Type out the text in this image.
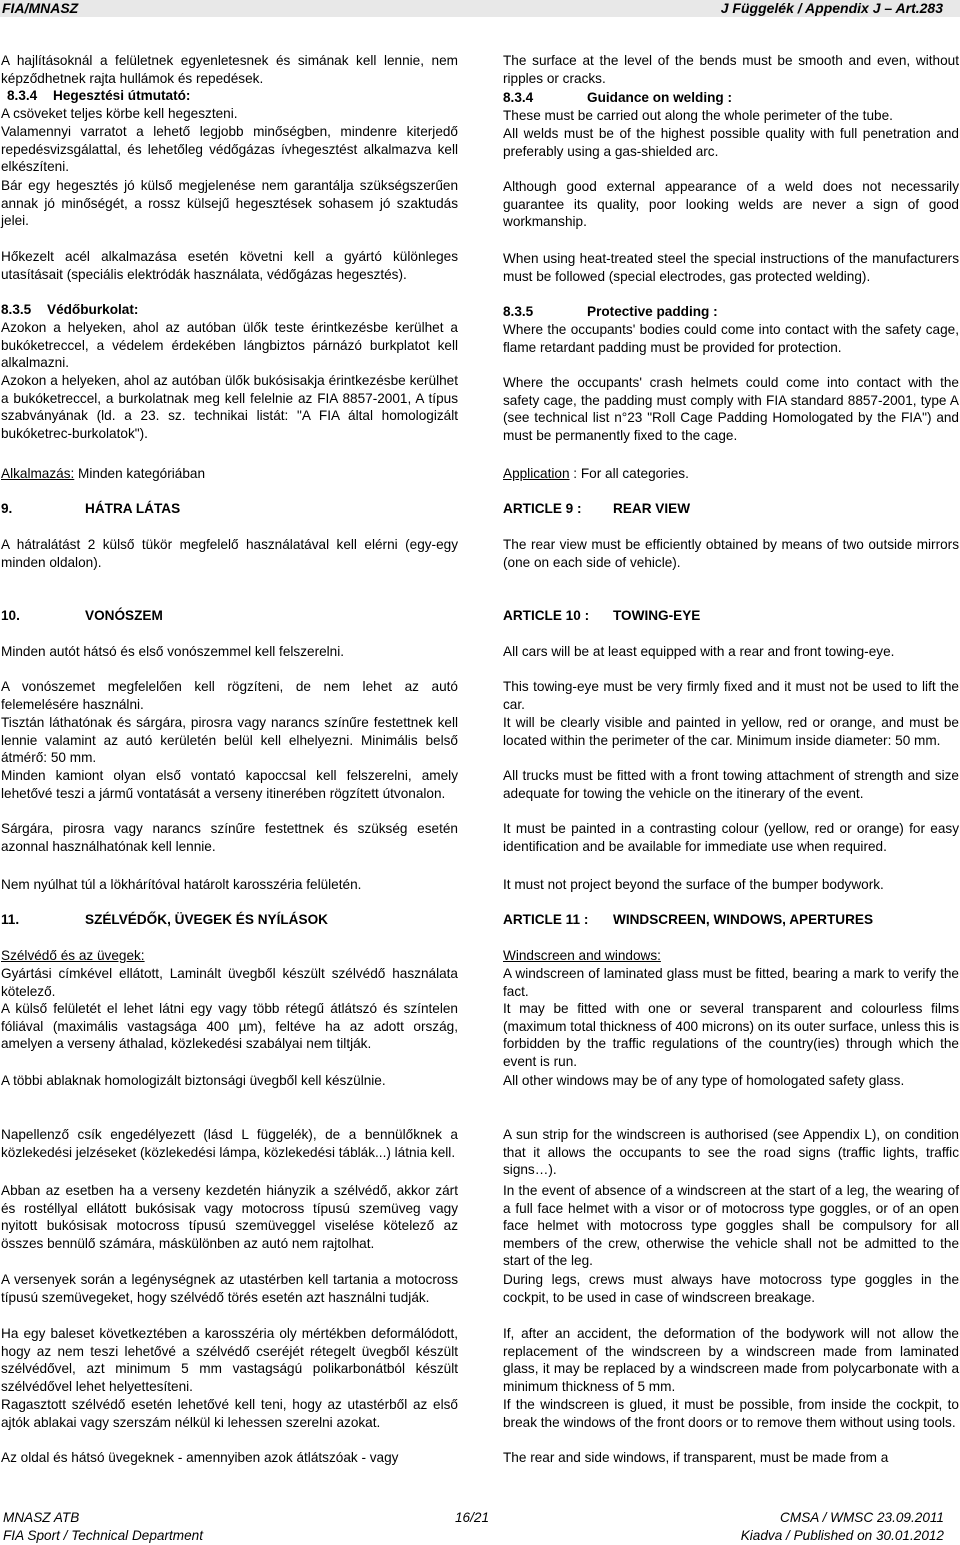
FIA/MNASZ	J Függelék / Appendix J – Art.283

A hajlításoknál a felületnek egyenletesnek és simának kell lennie, nem képződhetnek rajta hullámok és repedések.

8.3.4 Hegesztési útmutató:

A csöveket teljes körbe kell hegeszteni.

Valamennyi varratot a lehető legjobb minőségben, mindenre kiterjedő repedésvizsgálattal, és lehetőleg védőgázas ívhegesztést alkalmazva kell elkészíteni.

Bár egy hegesztés jó külső megjelenése nem garantálja szükségszerűen annak jó minőségét, a rossz külsejű hegesztések sohasem jó szaktudás jelei.

Hőkezelt acél alkalmazása esetén követni kell a gyártó különleges utasításait (speciális elektródák használata, védőgázas hegesztés).

8.3.5 Védőburkolat:

Azokon a helyeken, ahol az autóban ülők teste érintkezésbe kerülhet a bukóketreccel, a védelem érdekében lángbiztos párnázó burkplatot kell alkalmazni.

Azokon a helyeken, ahol az autóban ülők bukósisakja érintkezésbe kerülhet a bukóketreccel, a burkolatnak meg kell felelnie az FIA 8857-2001, A típus szabványának (ld. a 23. sz. technikai listát: "A FIA által homologizált bukóketrec-burkolatok").

Alkalmazás: Minden kategóriában

9.	HÁTRA LÁTAS

A hátralátást 2 külső tükör megfelelő használatával kell elérni (egy-egy minden oldalon).

10.	VONÓSZEM

Minden autót hátsó és első vonószemmel kell felszerelni.

A vonószemet megfelelően kell rögzíteni, de nem lehet az autó felemelésére használni.

Tisztán láthatónak és sárgára, pirosra vagy narancs színűre festettnek kell lennie valamint az autó kerületén belül kell elhelyezni. Minimális belső átmérő: 50 mm.

Minden kamiont olyan első vontató kapoccsal kell felszerelni, amely lehetővé teszi a jármű vontatását a verseny itinerében rögzített útvonalon.

Sárgára, pirosra vagy narancs színűre festettnek és szükség esetén azonnal használhatónak kell lennie.

Nem nyúlhat túl a lökhárítóval határolt karosszéria felületén.

11.	SZÉLVÉDŐK, ÜVEGEK ÉS NYÍLÁSOK

Szélvédő és az üvegek:

Gyártási címkével ellátott, Laminált üvegből készült szélvédő használata kötelező.

A külső felületét el lehet látni egy vagy több rétegű átlátszó és színtelen fóliával (maximális vastagsága 400 µm), feltéve ha az adott ország, amelyen a verseny áthalad, közlekedési szabályai nem tiltják.

A többi ablaknak homologizált biztonsági üvegből kell készülnie.

Napellenző csík engedélyezett (lásd L függelék), de a bennülőknek a közlekedési jelzéseket (közlekedési lámpa, közlekedési táblák...) látnia kell.

Abban az esetben ha a verseny kezdetén hiányzik a szélvédő, akkor zárt és rostéllyal ellátott bukósisak vagy motocross típusú szemüveg vagy nyitott bukósisak motocross típusú szemüveggel viselése kötelező az összes bennülő számára, máskülönben az autó nem rajtolhat.

A versenyek során a legénységnek az utastérben kell tartania a motocross típusú szemüvegeket, hogy szélvédő törés esetén azt használni tudják.

Ha egy baleset következtében a karosszéria oly mértékben deformálódott, hogy az nem teszi lehetővé a szélvédő cseréjét rétegelt üvegből készült szélvédővel, azt minimum 5 mm vastagságú polikarbonátból készült szélvédővel lehet helyettesíteni.

Ragasztott szélvédő esetén lehetővé kell teni, hogy az utastérből az első ajtók ablakai vagy szerszám nélkül ki lehessen szerelni azokat.

Az oldal és hátsó üvegeknek - amennyiben azok átlátszóak - vagy

The surface at the level of the bends must be smooth and even, without ripples or cracks.

8.3.4	Guidance on welding :

These must be carried out along the whole perimeter of the tube.

All welds must be of the highest possible quality with full penetration and preferably using a gas-shielded arc.

Although good external appearance of a weld does not necessarily guarantee its quality, poor looking welds are never a sign of good workmanship.

When using heat-treated steel the special instructions of the manufacturers must be followed (special electrodes, gas protected welding).

8.3.5	Protective padding :

Where the occupants' bodies could come into contact with the safety cage, flame retardant padding must be provided for protection.

Where the occupants' crash helmets could come into contact with the safety cage, the padding must comply with FIA standard 8857-2001, type A (see technical list n°23 "Roll Cage Padding Homologated by the FIA") and must be permanently fixed to the cage.

Application : For all categories.

ARTICLE 9 : REAR VIEW

The rear view must be efficiently obtained by means of two outside mirrors (one on each side of vehicle).

ARTICLE 10 : TOWING-EYE

All cars will be at least equipped with a rear and front towing-eye.

This towing-eye must be very firmly fixed and it must not be used to lift the car.

It will be clearly visible and painted in yellow, red or orange, and must be located within the perimeter of the car. Minimum inside diameter: 50 mm.

All trucks must be fitted with a front towing attachment of strength and size adequate for towing the vehicle on the itinerary of the event.

It must be painted in a contrasting colour (yellow, red or orange) for easy identification and be available for immediate use when required.

It must not project beyond the surface of the bumper bodywork.

ARTICLE 11 : WINDSCREEN, WINDOWS, APERTURES

Windscreen and windows:

A windscreen of laminated glass must be fitted, bearing a mark to verify the fact.

It may be fitted with one or several transparent and colourless films (maximum total thickness of 400 microns) on its outer surface, unless this is forbidden by the traffic regulations of the country(ies) through which the event is run.

All other windows may be of any type of homologated safety glass.

A sun strip for the windscreen is authorised (see Appendix L), on condition that it allows the occupants to see the road signs (traffic lights, traffic signs…).

In the event of absence of a windscreen at the start of a leg, the wearing of a full face helmet with a visor or of motocross type goggles, or of an open face helmet with motocross type goggles shall be compulsory for all members of the crew, otherwise the vehicle shall not be admitted to the start of the leg.

During legs, crews must always have motocross type goggles in the cockpit, to be used in case of windscreen breakage.

If, after an accident, the deformation of the bodywork will not allow the replacement of the windscreen by a windscreen made from laminated glass, it may be replaced by a windscreen made from polycarbonate with a minimum thickness of 5 mm.

If the windscreen is glued, it must be possible, from inside the cockpit, to break the windows of the front doors or to remove them without using tools.

The rear and side windows, if transparent, must be made from a

MNASZ ATB
FIA Sport / Technical Department
16/21	CMSA / WMSC 23.09.2011
Kiadva / Published on 30.01.2012
